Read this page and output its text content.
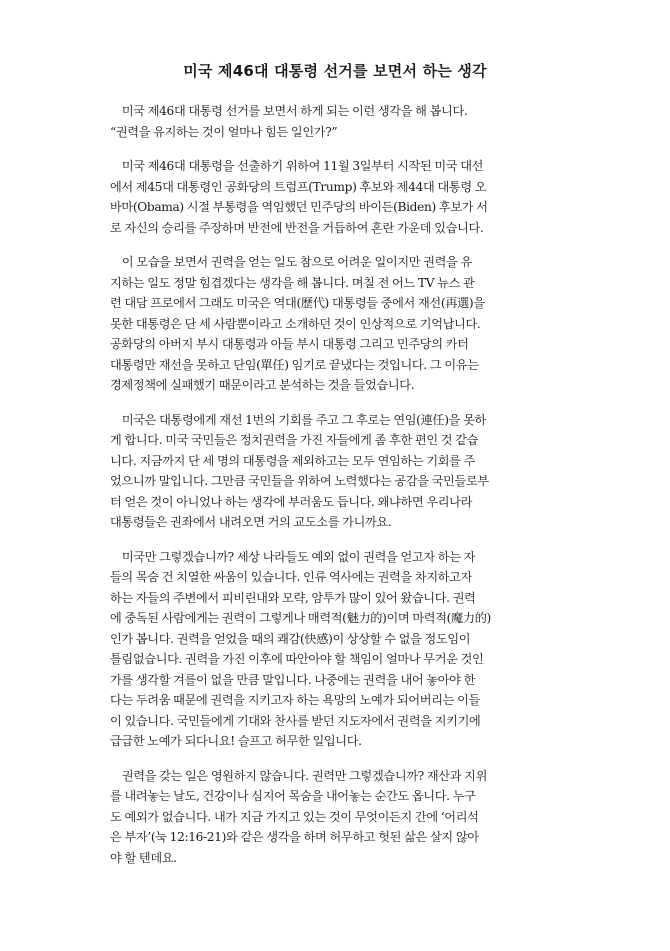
미국 제46대 대통령 선거를 보면서 하는 생각

　미국 제46대 대통령 선거를 보면서 하게 되는 이런 생각을 해 봅니다.
“권력을 유지하는 것이 얼마나 힘든 일인가?”

　미국 제46대 대통령을 선출하기 위하여 11월 3일부터 시작된 미국 대선
에서 제45대 대통령인 공화당의 트럼프(Trump) 후보와 제44대 대통령 오
바마(Obama) 시절 부통령을 역임했던 민주당의 바이든(Biden) 후보가 서
로 자신의 승리를 주장하며 반전에 반전을 거듭하여 혼란 가운데 있습니다.

　이 모습을 보면서 권력을 얻는 일도 참으로 어려운 일이지만 권력을 유
지하는 일도 정말 힘겹겠다는 생각을 해 봅니다. 며칠 전 어느 TV 뉴스 관
련 대담 프로에서 그래도 미국은 역대(歷代) 대통령들 중에서 재선(再選)을
못한 대통령은 단 세 사람뿐이라고 소개하던 것이 인상적으로 기억납니다.
공화당의 아버지 부시 대통령과 아들 부시 대통령 그리고 민주당의 카터
대통령만 재선을 못하고 단임(單任) 임기로 끝냈다는 것입니다. 그 이유는
경제정책에 실패했기 때문이라고 분석하는 것을 들었습니다.

　미국은 대통령에게 재선 1번의 기회를 주고 그 후로는 연임(連任)을 못하
게 합니다. 미국 국민들은 정치권력을 가진 자들에게 좀 후한 편인 것 같습
니다. 지금까지 단 세 명의 대통령을 제외하고는 모두 연임하는 기회를 주
었으니까 말입니다. 그만큼 국민들을 위하여 노력했다는 공감을 국민들로부
터 얻은 것이 아니었나 하는 생각에 부러움도 듭니다. 왜냐하면 우리나라
대통령들은 권좌에서 내려오면 거의 교도소를 가니까요.

　미국만 그렇겠습니까? 세상 나라들도 예외 없이 권력을 얻고자 하는 자
들의 목숨 건 치열한 싸움이 있습니다. 인류 역사에는 권력을 차지하고자
하는 자들의 주변에서 피비린내와 모략, 암투가 많이 있어 왔습니다. 권력
에 중독된 사람에게는 권력이 그렇게나 매력적(魅力的)이며 마력적(魔力的)
인가 봅니다. 권력을 얻었을 때의 쾌감(快感)이 상상할 수 없을 정도임이
틀림없습니다. 권력을 가진 이후에 따안아야 할 책임이 얼마나 무거운 것인
가를 생각할 겨를이 없을 만큼 말입니다. 나중에는 권력을 내어 놓아야 한
다는 두려움 때문에 권력을 지키고자 하는 욕망의 노예가 되어버리는 이들
이 있습니다. 국민들에게 기대와 찬사를 받던 지도자에서 권력을 지키기에
급급한 노예가 되다니요! 슬프고 허무한 일입니다.

　권력을 갖는 일은 영원하지 않습니다. 권력만 그렇겠습니까? 재산과 지위
를 내려놓는 날도, 건강이나 심지어 목숨을 내어놓는 순간도 옵니다. 누구
도 예외가 없습니다. 내가 지금 가지고 있는 것이 무엇이든지 간에 ‘어리석
은 부자’(눅 12:16-21)와 같은 생각을 하며 허무하고 헛된 삶은 살지 않아
야 할 텐데요.
